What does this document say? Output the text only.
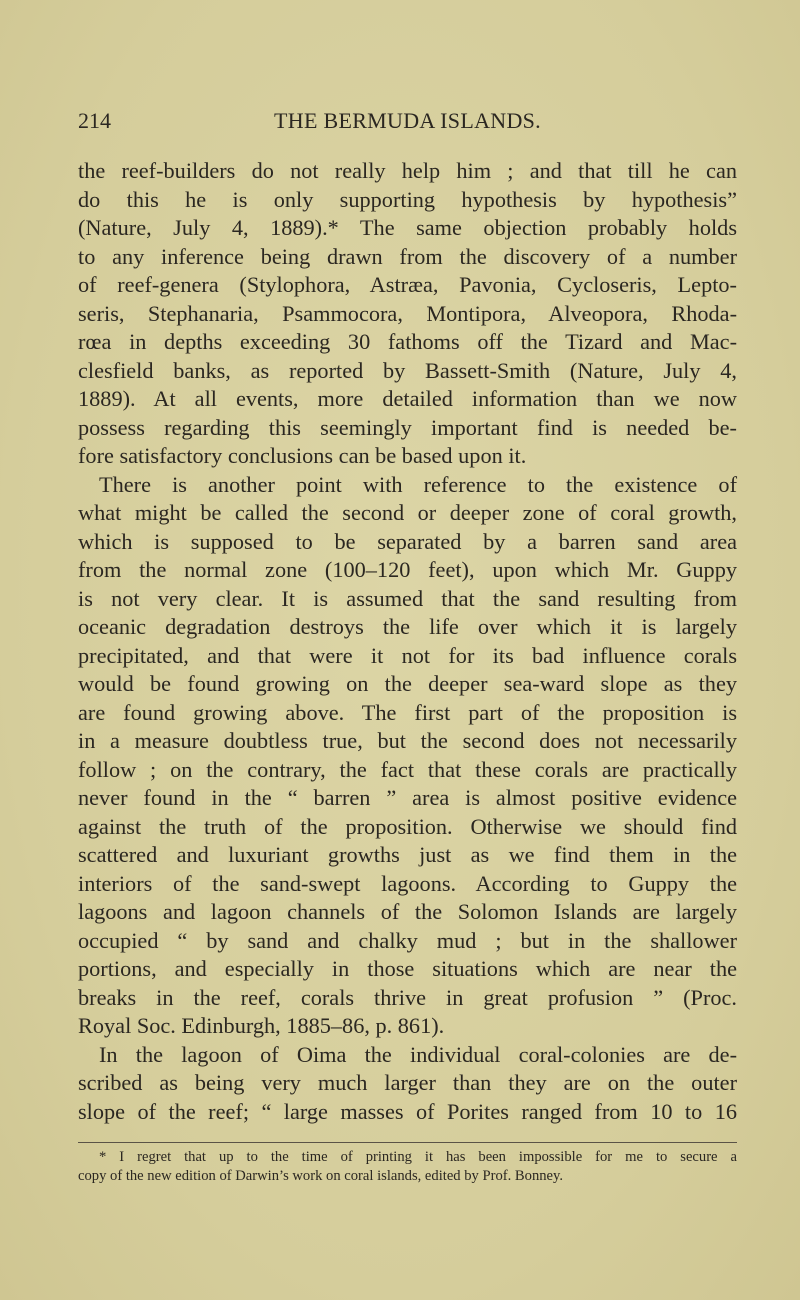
214	THE BERMUDA ISLANDS.
the reef-builders do not really help him ; and that till he can
do this he is only supporting hypothesis by hypothesis”
(Nature, July 4, 1889).* The same objection probably holds
to any inference being drawn from the discovery of a number
of reef-genera (Stylophora, Astræa, Pavonia, Cycloseris, Lepto-
seris, Stephanaria, Psammocora, Montipora, Alveopora, Rhoda-
rœa in depths exceeding 30 fathoms off the Tizard and Mac-
clesfield banks, as reported by Bassett-Smith (Nature, July 4,
1889). At all events, more detailed information than we now
possess regarding this seemingly important find is needed be-
fore satisfactory conclusions can be based upon it.
There is another point with reference to the existence of
what might be called the second or deeper zone of coral growth,
which is supposed to be separated by a barren sand area
from the normal zone (100–120 feet), upon which Mr. Guppy
is not very clear. It is assumed that the sand resulting from
oceanic degradation destroys the life over which it is largely
precipitated, and that were it not for its bad influence corals
would be found growing on the deeper sea-ward slope as they
are found growing above. The first part of the proposition is
in a measure doubtless true, but the second does not necessarily
follow ; on the contrary, the fact that these corals are practically
never found in the “ barren ” area is almost positive evidence
against the truth of the proposition. Otherwise we should find
scattered and luxuriant growths just as we find them in the
interiors of the sand-swept lagoons. According to Guppy the
lagoons and lagoon channels of the Solomon Islands are largely
occupied “ by sand and chalky mud ; but in the shallower
portions, and especially in those situations which are near the
breaks in the reef, corals thrive in great profusion ” (Proc.
Royal Soc. Edinburgh, 1885–86, p. 861).
In the lagoon of Oima the individual coral-colonies are de-
scribed as being very much larger than they are on the outer
slope of the reef; “ large masses of Porites ranged from 10 to 16
* I regret that up to the time of printing it has been impossible for me to secure a
copy of the new edition of Darwin’s work on coral islands, edited by Prof. Bonney.
